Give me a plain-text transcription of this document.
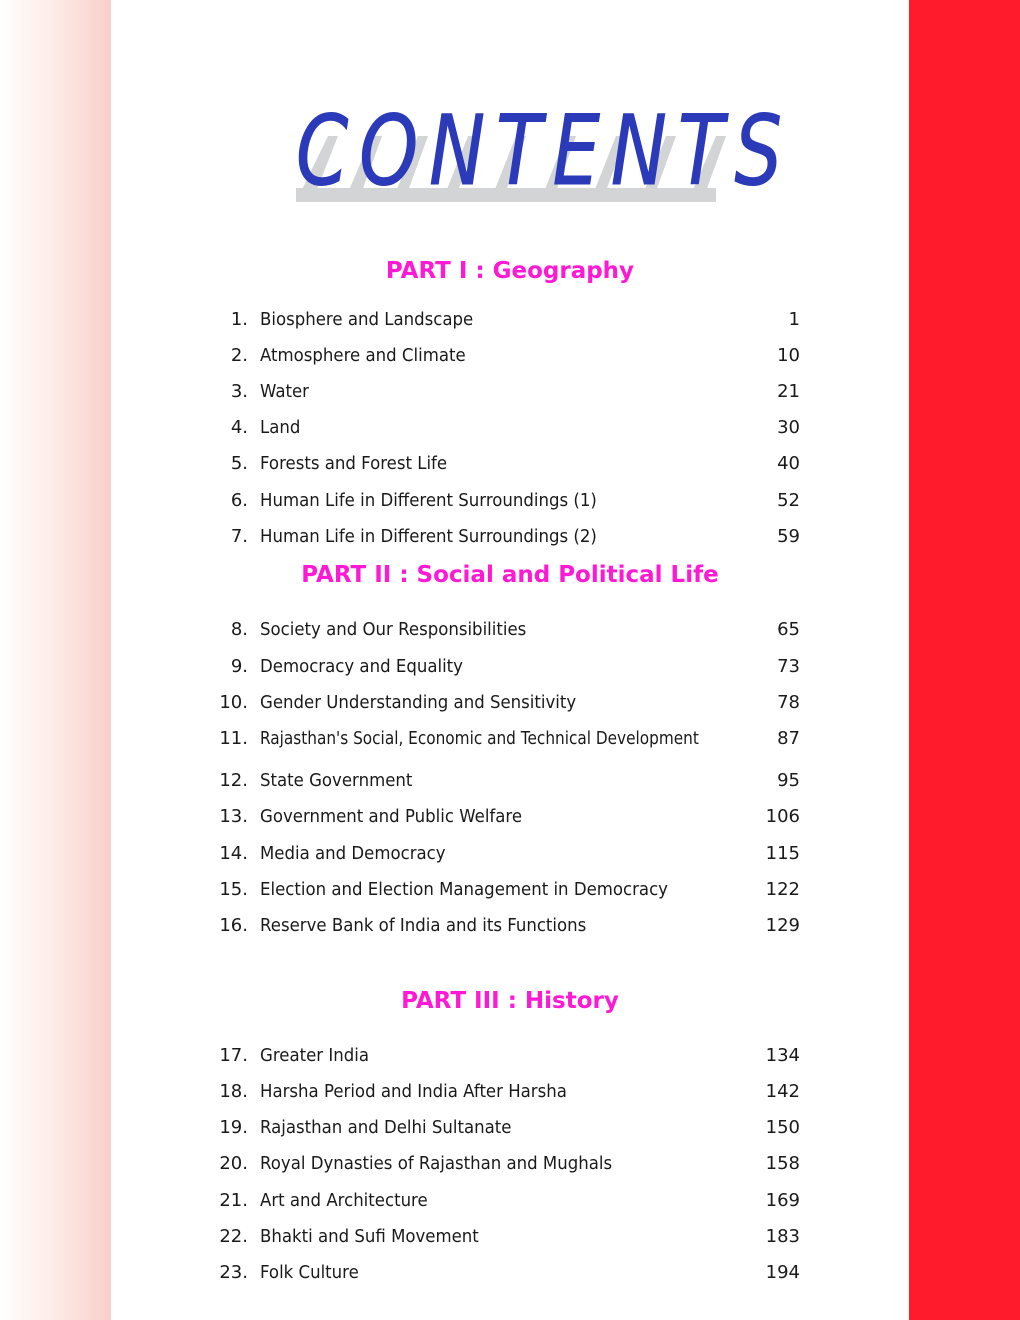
CONTENTS
PART I : Geography
1. Biosphere and Landscape	1
2. Atmosphere and Climate	10
3. Water	21
4. Land	30
5. Forests and Forest Life	40
6. Human Life in Different Surroundings (1)	52
7. Human Life in Different Surroundings (2)	59
PART II : Social and Political Life
8. Society and Our Responsibilities	65
9. Democracy and Equality	73
10. Gender Understanding and Sensitivity	78
11. Rajasthan's Social, Economic and Technical Development	87
12. State Government	95
13. Government and Public Welfare	106
14. Media and Democracy	115
15. Election and Election Management in Democracy	122
16. Reserve Bank of India and its Functions	129
PART III : History
17. Greater India	134
18. Harsha Period and India After Harsha	142
19. Rajasthan and Delhi Sultanate	150
20. Royal Dynasties of Rajasthan and Mughals	158
21. Art and Architecture	169
22. Bhakti and Sufi Movement	183
23. Folk Culture	194
